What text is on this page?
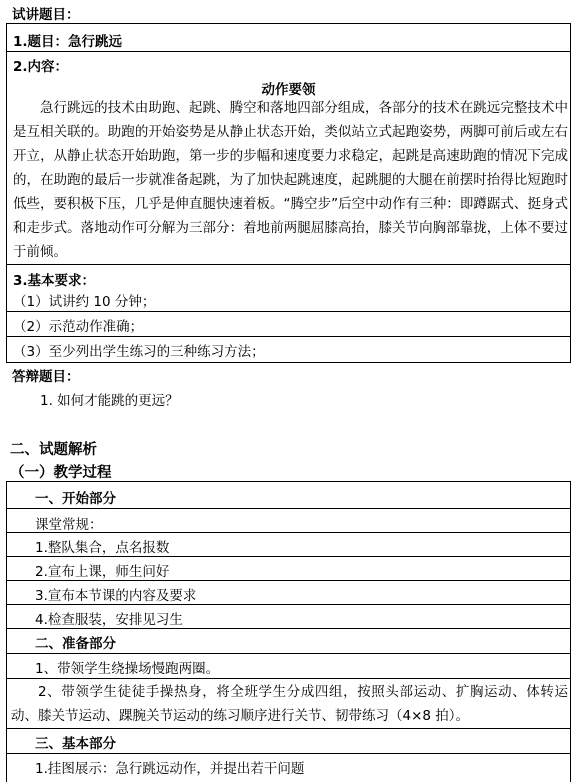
试讲题目：
1.题目：急行跳远
2.内容：
动作要领
急行跳远的技术由助跑、起跳、腾空和落地四部分组成，各部分的技术在跳远完整技术中是互相关联的。助跑的开始姿势是从静止状态开始，类似站立式起跑姿势，两脚可前后或左右开立，从静止状态开始助跑，第一步的步幅和速度要力求稳定，起跳是高速助跑的情况下完成的，在助跑的最后一步就准备起跳，为了加快起跳速度，起跳腿的大腿在前摆时抬得比短跑时低些，要积极下压，几乎是伸直腿快速着板。“腾空步”后空中动作有三种：即蹲踞式、挺身式和走步式。落地动作可分解为三部分：着地前两腿屈膝高抬，膝关节向胸部靠拢，上体不要过于前倾。
3.基本要求：
（1）试讲约 10 分钟；
（2）示范动作准确；
（3）至少列出学生练习的三种练习方法；
答辩题目：
1. 如何才能跳的更远？
二、试题解析
（一）教学过程
一、开始部分
课堂常规：
1.整队集合，点名报数
2.宣布上课，师生问好
3.宣布本节课的内容及要求
4.检查服装，安排见习生
二、准备部分
1、带领学生绕操场慢跑两圈。
2、带领学生徒徒手操热身，将全班学生分成四组，按照头部运动、扩胸运动、体转运动、膝关节运动、踝腕关节运动的练习顺序进行关节、韧带练习（4×8 拍）。
三、基本部分
1.挂图展示：急行跳远动作，并提出若干问题
